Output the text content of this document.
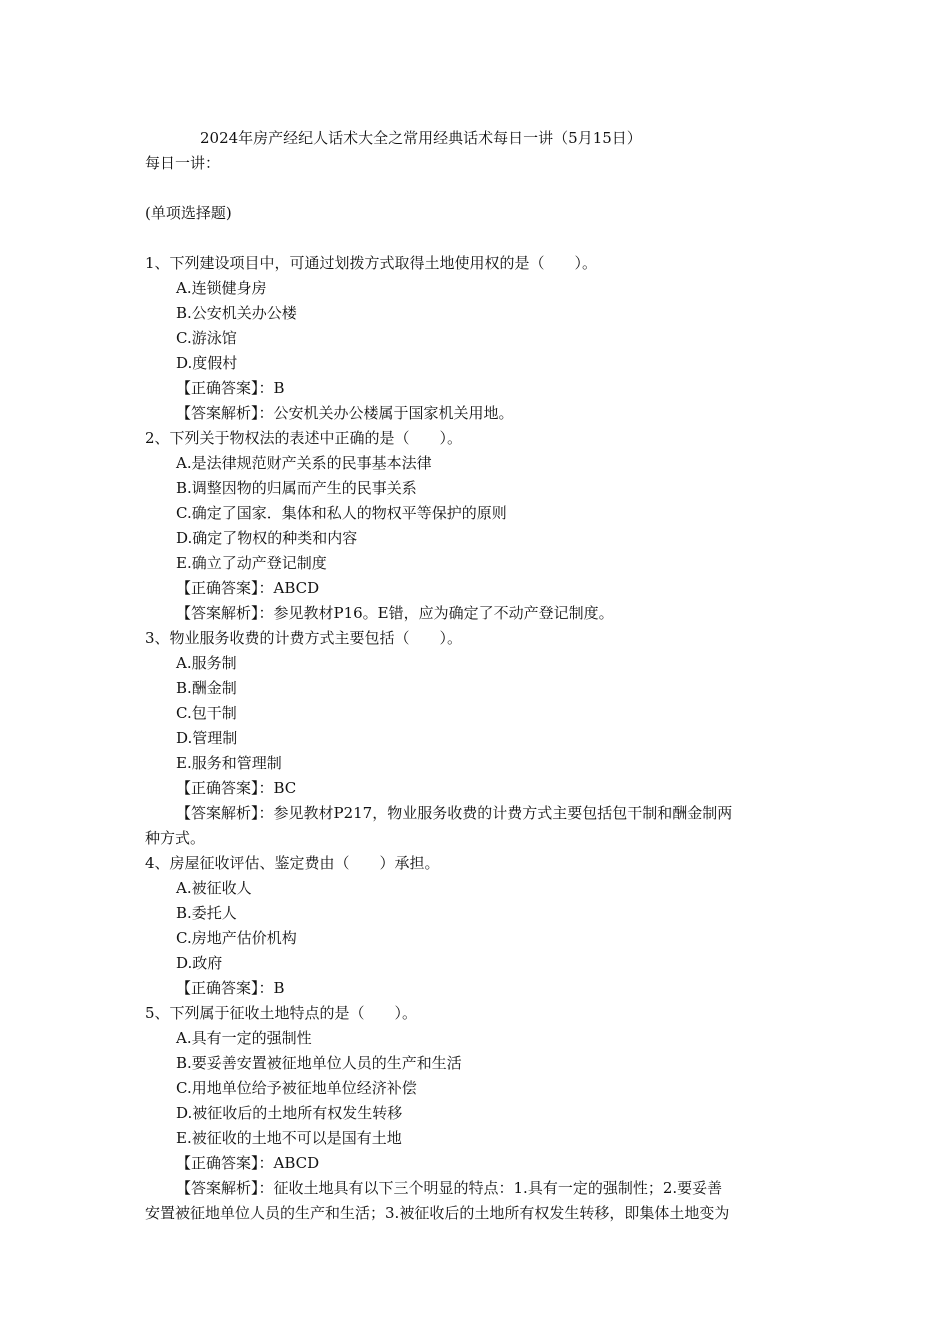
2024年房产经纪人话术大全之常用经典话术每日一讲（5月15日）
每日一讲：
(单项选择题)
1、下列建设项目中，可通过划拨方式取得土地使用权的是（　　）。
A.连锁健身房
B.公安机关办公楼
C.游泳馆
D.度假村
【正确答案】：B
【答案解析】：公安机关办公楼属于国家机关用地。
2、下列关于物权法的表述中正确的是（　　）。
A.是法律规范财产关系的民事基本法律
B.调整因物的归属而产生的民事关系
C.确定了国家．集体和私人的物权平等保护的原则
D.确定了物权的种类和内容
E.确立了动产登记制度
【正确答案】：ABCD
【答案解析】：参见教材P16。E错，应为确定了不动产登记制度。
3、物业服务收费的计费方式主要包括（　　）。
A.服务制
B.酬金制
C.包干制
D.管理制
E.服务和管理制
【正确答案】：BC
【答案解析】：参见教材P217，物业服务收费的计费方式主要包括包干制和酬金制两
种方式。
4、房屋征收评估、鉴定费由（　　）承担。
A.被征收人
B.委托人
C.房地产估价机构
D.政府
【正确答案】：B
5、下列属于征收土地特点的是（　　）。
A.具有一定的强制性
B.要妥善安置被征地单位人员的生产和生活
C.用地单位给予被征地单位经济补偿
D.被征收后的土地所有权发生转移
E.被征收的土地不可以是国有土地
【正确答案】：ABCD
【答案解析】：征收土地具有以下三个明显的特点：1.具有一定的强制性；2.要妥善
安置被征地单位人员的生产和生活；3.被征收后的土地所有权发生转移，即集体土地变为
